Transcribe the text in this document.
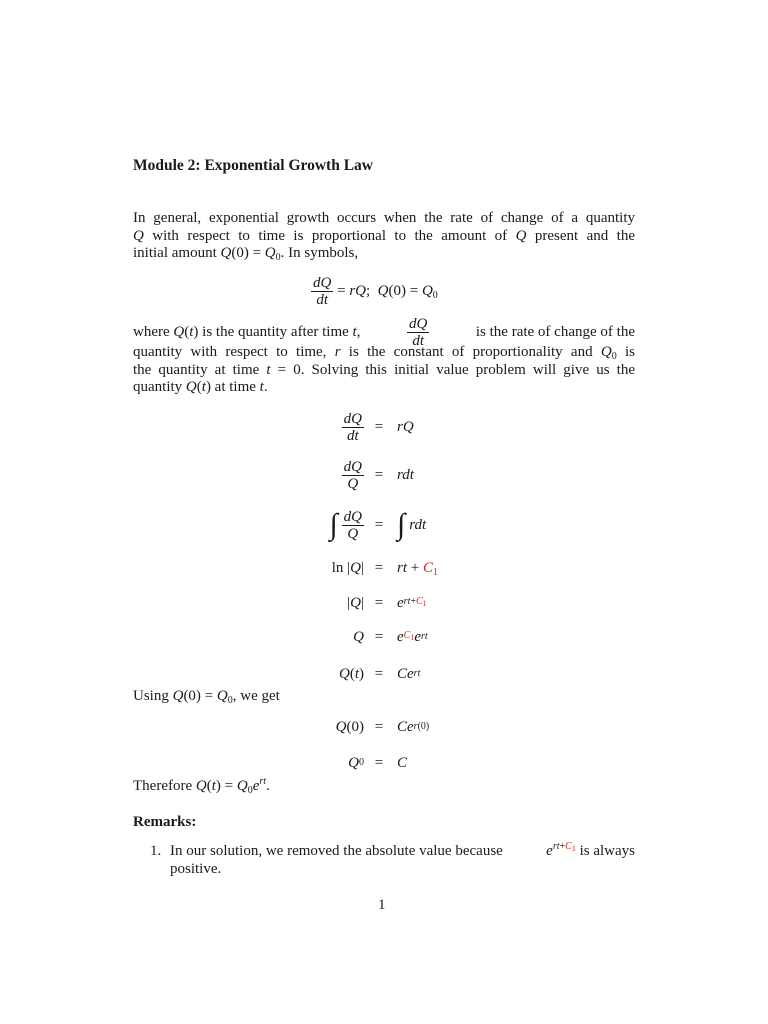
Module 2: Exponential Growth Law
In general, exponential growth occurs when the rate of change of a quantity
Q with respect to time is proportional to the amount of Q present and the
initial amount $Q(0) = Q_0$. In symbols,
$\frac{dQ}{dt}$ = rQ;  $Q(0) = Q_0$
where Q(t) is the quantity after time t,	$\frac{dQ}{dt}$	is the rate of change of the
quantity with respect to time, r is the constant of proportionality and $Q_0$ is
the quantity at time t = 0. Solving this initial value problem will give us the
quantity Q(t) at time t.
$\frac{dQ}{dt}$ = rQ
$\frac{dQ}{Q}$ = rdt
∫ $\frac{dQ}{Q}$ = ∫ rdt
ln | Q | = rt + $C_1$
| Q | = e $rt+C_1$
Q = e $C_1$ e rt
Q ( t ) = Ce rt
Using $Q(0) = Q_0$, we get
Q (0) = Ce r(0)
Q 0 = C
Therefore $Q(t) = Q_0e^{rt}$.
Remarks:
1. In our solution, we removed the absolute value because	$e^{rt+C_1}$ is always
positive.
1
